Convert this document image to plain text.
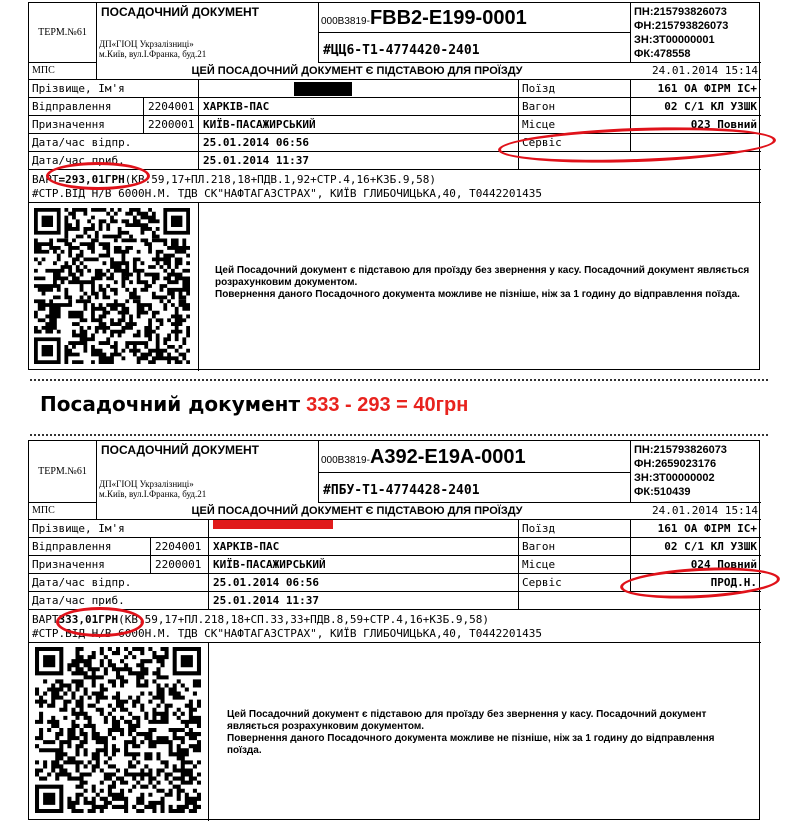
ТЕРМ.№61
ПОСАДОЧНИЙ ДОКУМЕНТ
ДП«ГІОЦ Укрзалізниці»
м.Київ, вул.І.Франка, буд.21
000В3819-FBB2-E199-0001
#ЦЦ6-Т1-4774420-2401
ПН:215793826073
ФН:215793826073
ЗН:ЗТ00000001
ФК:478558
МПС	ЦЕЙ ПОСАДОЧНИЙ ДОКУМЕНТ Є ПІДСТАВОЮ ДЛЯ ПРОЇЗДУ	24.01.2014 15:14
Прізвище, Ім'я	Поїзд	161 ОА ФІРМ ІС+
Відправлення	2204001 ХАРКІВ-ПАС	Вагон	02 С/1 КЛ УЗШК
Призначення	2200001 КИЇВ-ПАСАЖИРСЬКИЙ	Місце	023 Повний
Дата/час відпр.	25.01.2014 06:56	Сервіс
Дата/час приб.	25.01.2014 11:37
ВАРТ=293,01ГРН(КВ.59,17+ПЛ.218,18+ПДВ.1,92+СТР.4,16+КЗБ.9,58)
#СТР.ВІД Н/В 6000Н.М. ТДВ СК"НАФТАГАЗСТРАХ", КИЇВ ГЛИБОЧИЦЬКА,40, Т0442201435
Цей Посадочний документ є підставою для проїзду без звернення у касу. Посадочний документ являється розрахунковим документом.
Повернення даного Посадочного документа можливе не пізніше, ніж за 1 годину до відправлення поїзда.
Посадочний документ 333 - 293 = 40грн
ТЕРМ.№61
ПОСАДОЧНИЙ ДОКУМЕНТ
ДП«ГІОЦ Укрзалізниці»
м.Київ, вул.І.Франка, буд.21
000В3819-А392-Е19А-0001
#ПБУ-Т1-4774428-2401
ПН:215793826073
ФН:2659023176
ЗН:ЗТ00000002
ФК:510439
МПС	ЦЕЙ ПОСАДОЧНИЙ ДОКУМЕНТ Є ПІДСТАВОЮ ДЛЯ ПРОЇЗДУ	24.01.2014 15:14
Прізвище, Ім'я	Поїзд	161 ОА ФІРМ ІС+
Відправлення	2204001	ХАРКІВ-ПАС	Вагон	02 С/1 КЛ УЗШК
Призначення	2200001	КИЇВ-ПАСАЖИРСЬКИЙ	Місце	024 Повний
Дата/час відпр.	25.01.2014 06:56	Сервіс	ПРОД.Н.
Дата/час приб.	25.01.2014 11:37
ВАРТ333,01ГРН(КВ.59,17+ПЛ.218,18+СП.33,33+ПДВ.8,59+СТР.4,16+КЗБ.9,58)
#СТР.ВІД Н/В 6000Н.М. ТДВ СК"НАФТАГАЗСТРАХ", КИЇВ ГЛИБОЧИЦЬКА,40, Т0442201435
Цей Посадочний документ є підставою для проїзду без звернення у касу. Посадочний документ являється розрахунковим документом.
Повернення даного Посадочного документа можливе не пізніше, ніж за 1 годину до відправлення поїзда.
